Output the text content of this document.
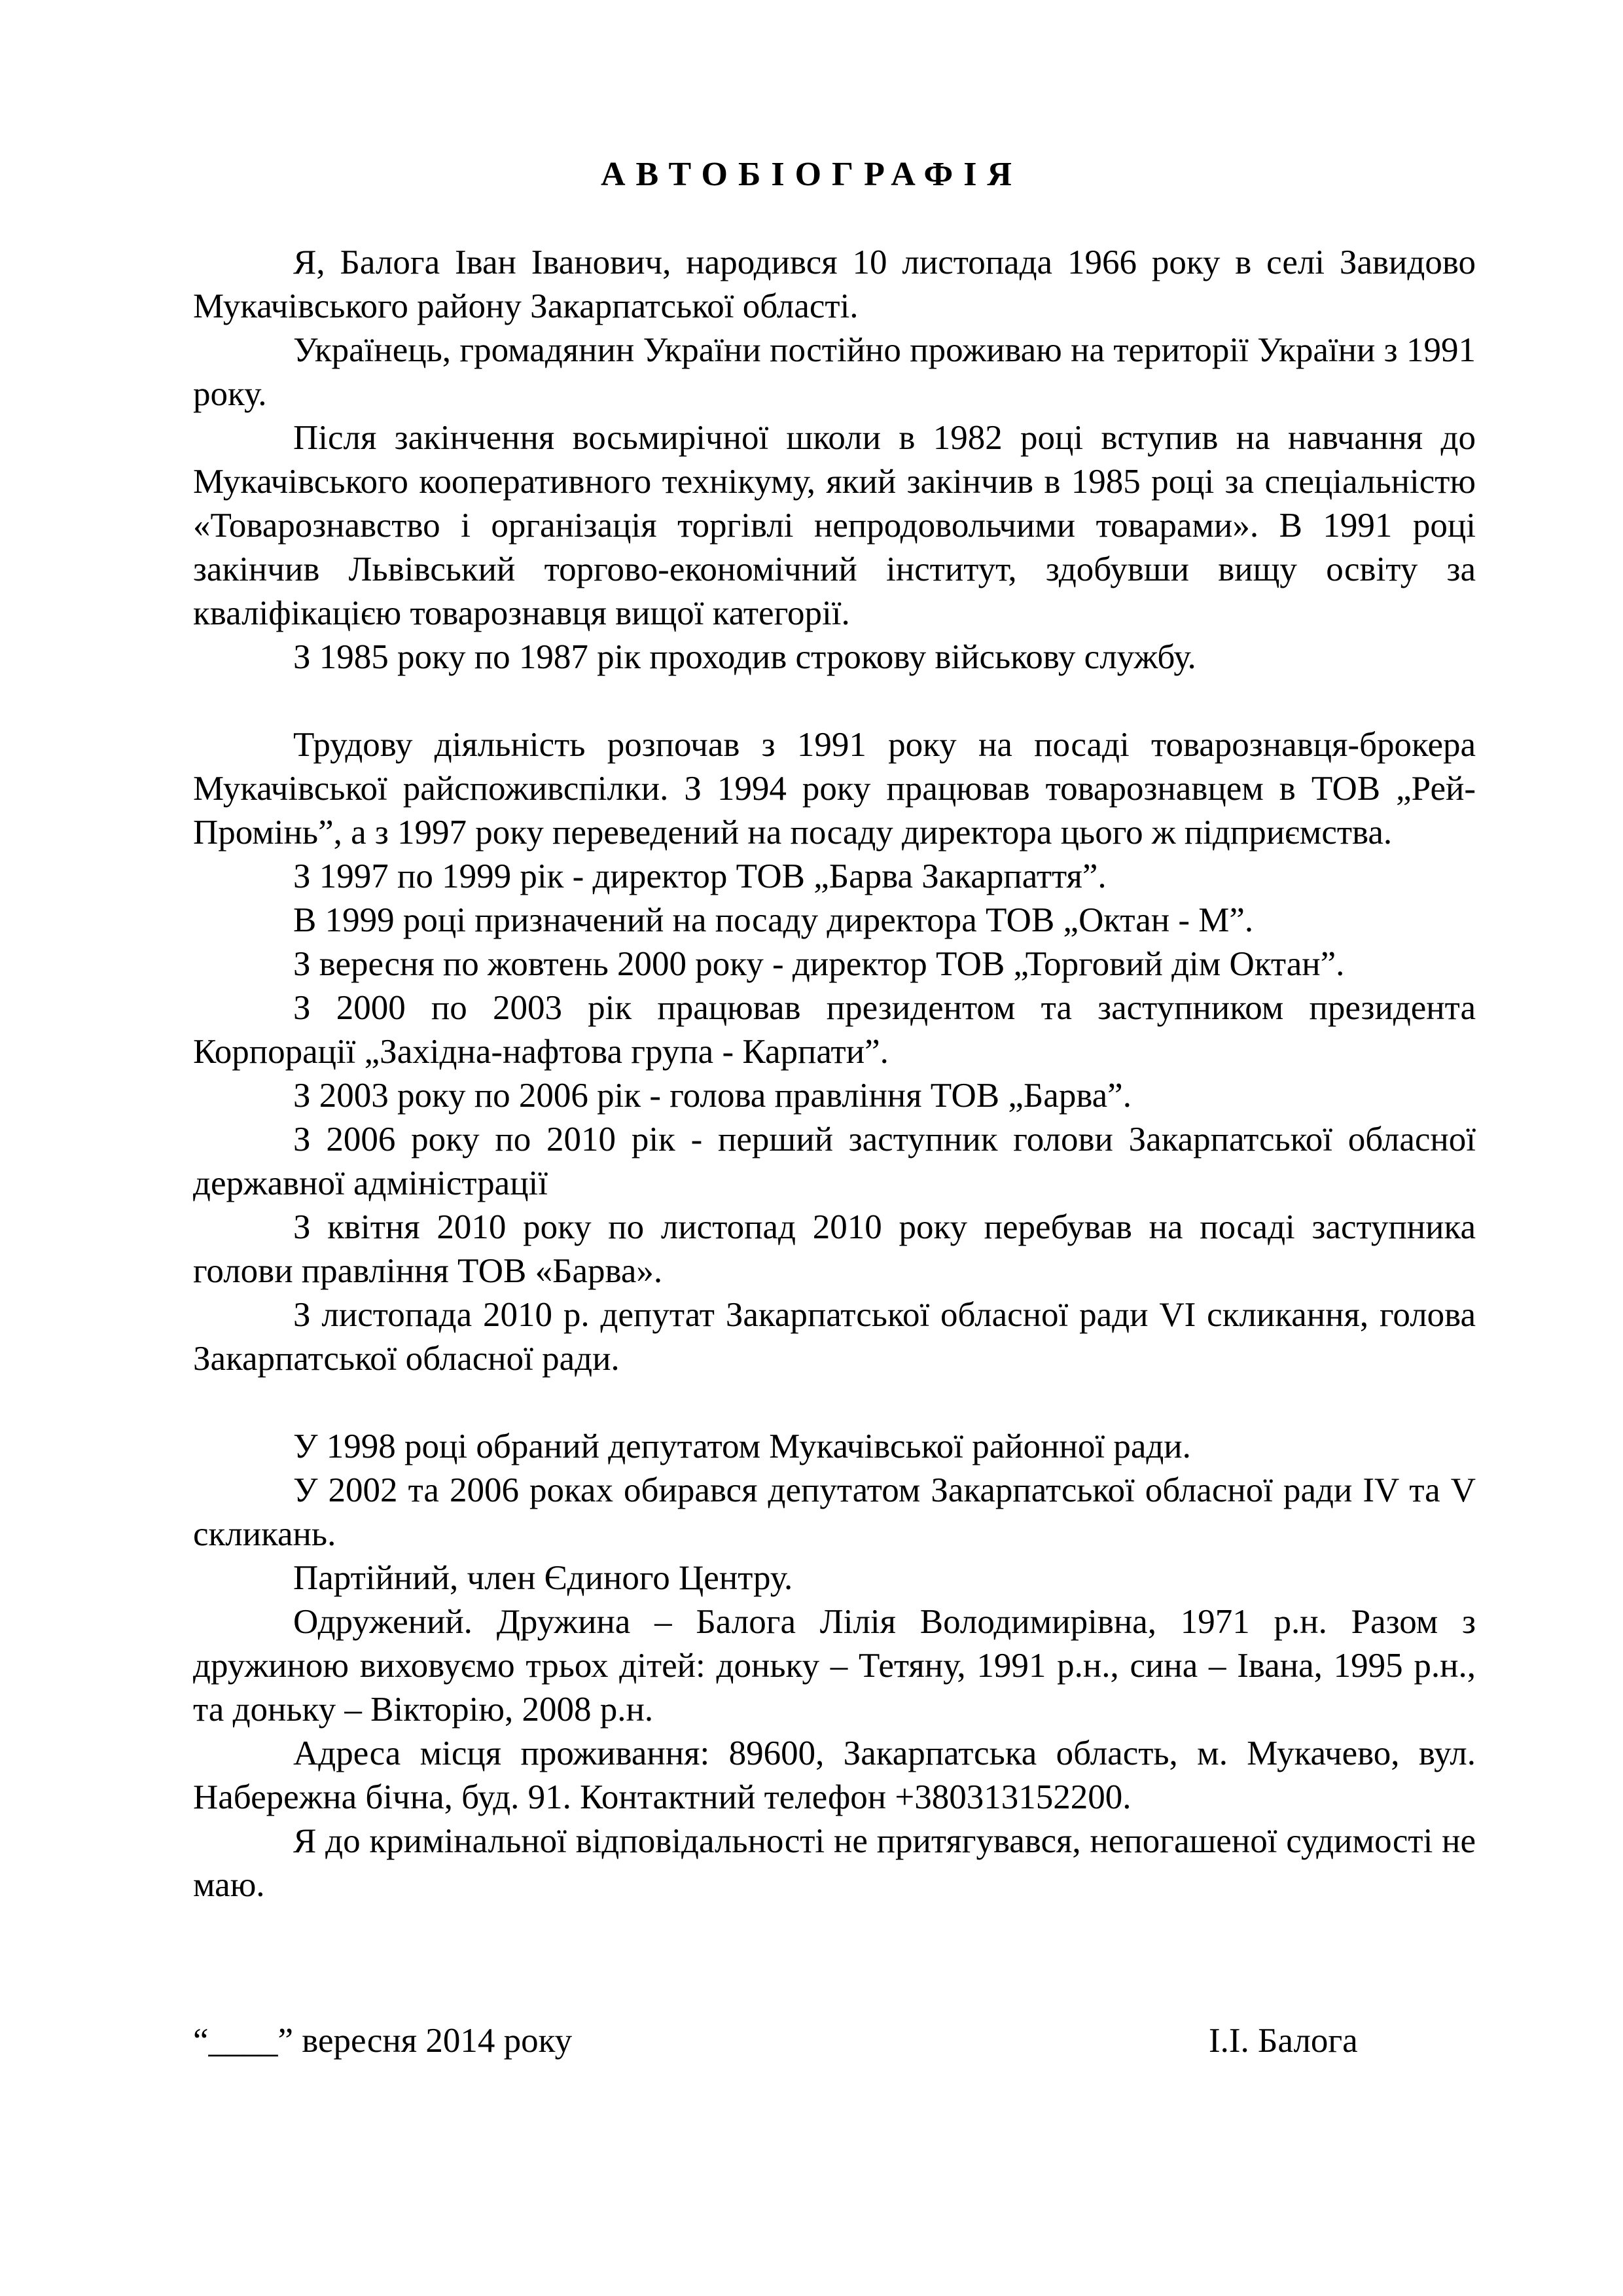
АВТОБІОГРАФІЯ

Я, Балога Іван Іванович, народився 10 листопада 1966 року в селі Завидово Мукачівського району Закарпатської області.

Українець, громадянин України постійно проживаю на території України з 1991 року.

Після закінчення восьмирічної школи в 1982 році вступив на навчання до Мукачівського кооперативного технікуму, який закінчив в 1985 році за спеціальністю «Товарознавство і організація торгівлі непродовольчими товарами». В 1991 році закінчив Львівський торгово-економічний інститут, здобувши вищу освіту за кваліфікацією товарознавця вищої категорії.

З 1985 року по 1987 рік проходив строкову військову службу.

Трудову діяльність розпочав з 1991 року на посаді товарознавця-брокера Мукачівської райспоживспілки. З 1994 року працював товарознавцем в ТОВ „Рей-Промінь”, а з 1997 року переведений на посаду директора цього ж підприємства.

З 1997 по 1999 рік - директор ТОВ „Барва Закарпаття”.

В 1999 році призначений на посаду директора ТОВ „Октан - М”.

З вересня по жовтень 2000 року - директор ТОВ „Торговий дім Октан”.

З 2000 по 2003 рік працював президентом та заступником президента Корпорації „Західна-нафтова група - Карпати”.

З 2003 року по 2006 рік - голова правління ТОВ „Барва”.

З 2006 року по 2010 рік - перший заступник голови Закарпатської обласної державної адміністрації

З квітня 2010 року по листопад 2010 року перебував на посаді заступника голови правління ТОВ «Барва».

З листопада 2010 р. депутат Закарпатської обласної ради VI скликання, голова Закарпатської обласної ради.

У 1998 році обраний депутатом Мукачівської районної ради.

У 2002 та 2006 роках обирався депутатом Закарпатської обласної ради IV та V скликань.

Партійний, член Єдиного Центру.

Одружений. Дружина – Балога Лілія Володимирівна, 1971 р.н. Разом з дружиною виховуємо трьох дітей: доньку – Тетяну, 1991 р.н., сина – Івана, 1995 р.н., та доньку – Вікторію, 2008 р.н.

Адреса місця проживання: 89600, Закарпатська область, м. Мукачево, вул. Набережна бічна, буд. 91. Контактний телефон +380313152200.

Я до кримінальної відповідальності не притягувався, непогашеної судимості не маю.

“____” вересня 2014 року	І.І. Балога
